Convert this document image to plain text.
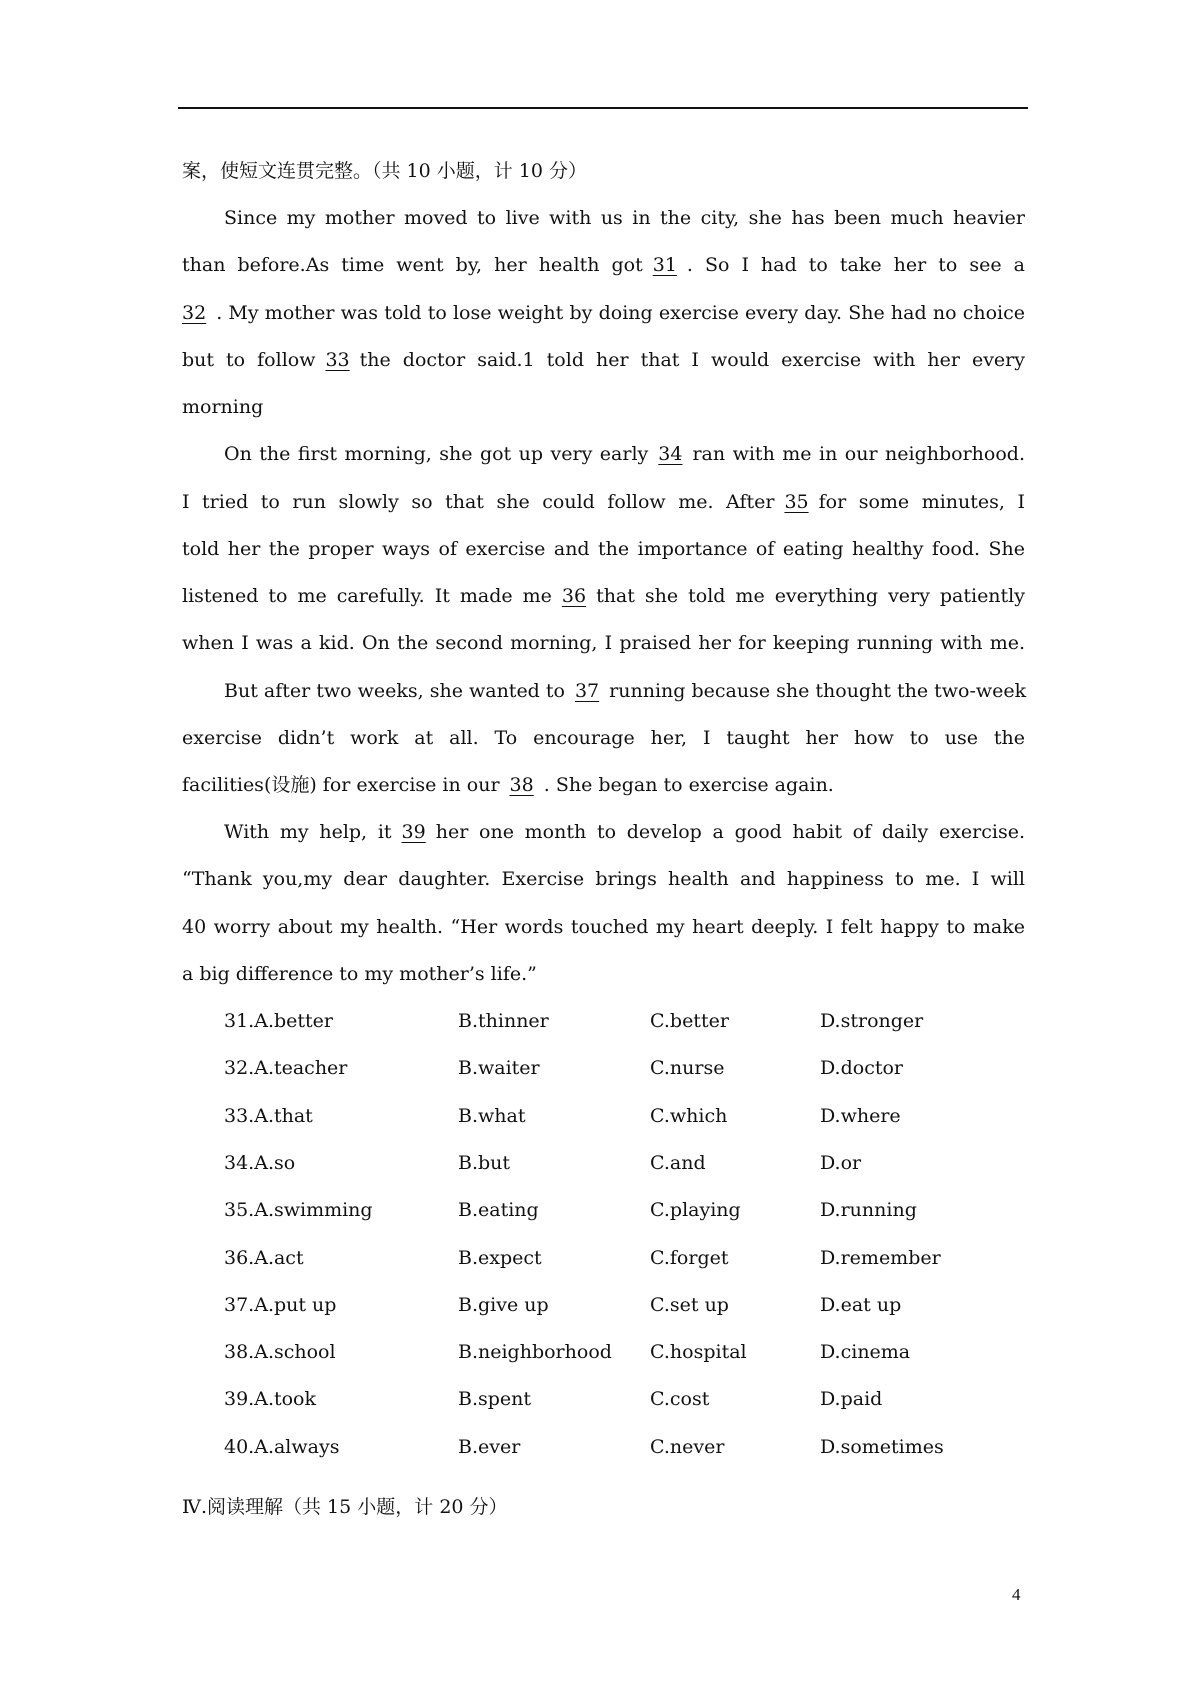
案，使短文连贯完整。（共 10 小题，计 10 分）
Since my mother moved to live with us in the city, she has been much heavier
than before.As time went by, her health got 31 . So I had to take her to see a
32 . My mother was told to lose weight by doing exercise every day. She had no choice
but to follow 33 the doctor said.1 told her that I would exercise with her every
morning
On the first morning, she got up very early 34 ran with me in our neighborhood.
I tried to run slowly so that she could follow me. After 35 for some minutes, I
told her the proper ways of exercise and the importance of eating healthy food. She
listened to me carefully. It made me 36 that she told me everything very patiently
when I was a kid. On the second morning, I praised her for keeping running with me.
But after two weeks, she wanted to 37 running because she thought the two-week
exercise didn’t work at all. To encourage her, I taught her how to use the
facilities(设施) for exercise in our 38 . She began to exercise again.
With my help, it 39 her one month to develop a good habit of daily exercise.
“Thank you,my dear daughter. Exercise brings health and happiness to me. I will
40 worry about my health. “Her words touched my heart deeply. I felt happy to make
a big difference to my mother’s life.”
31.A.better	B.thinner	C.better	D.stronger
32.A.teacher	B.waiter	C.nurse	D.doctor
33.A.that	B.what	C.which	D.where
34.A.so	B.but	C.and	D.or
35.A.swimming	B.eating	C.playing	D.running
36.A.act	B.expect	C.forget	D.remember
37.A.put up	B.give up	C.set up	D.eat up
38.A.school	B.neighborhood C.hospital	D.cinema
39.A.took	B.spent	C.cost	D.paid
40.A.always	B.ever	C.never	D.sometimes
Ⅳ.阅读理解（共 15 小题，计 20 分）
4
